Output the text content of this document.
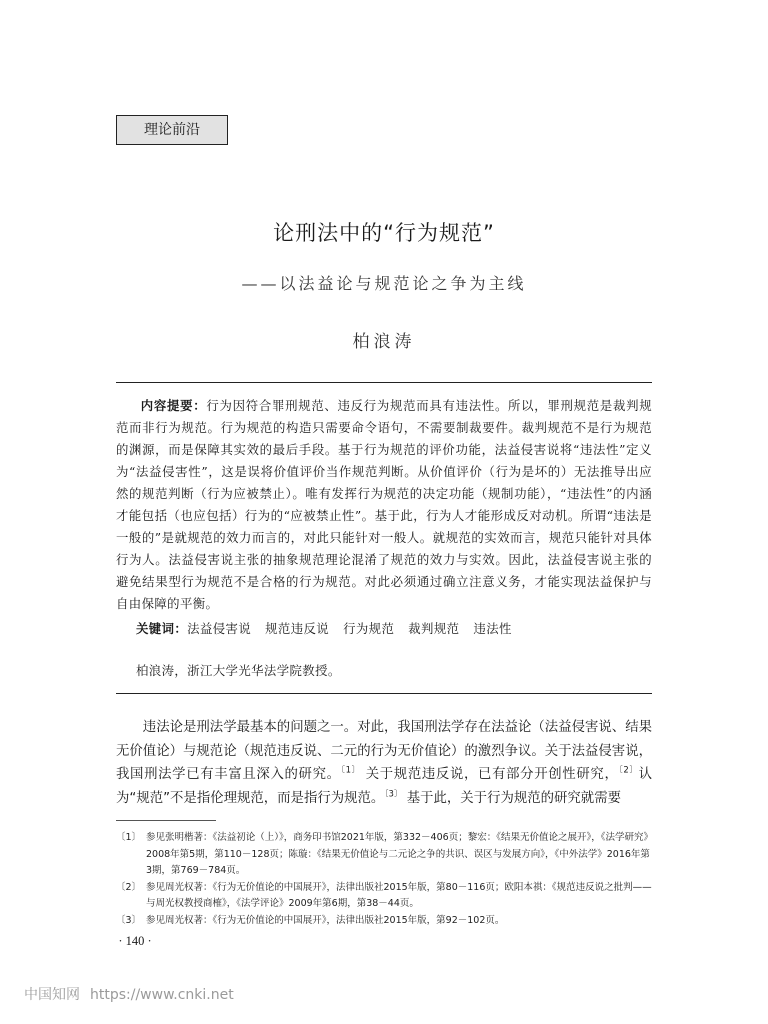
理论前沿
论刑法中的“行为规范”
——以法益论与规范论之争为主线
柏浪涛
内容提要：行为因符合罪刑规范、违反行为规范而具有违法性。所以，罪刑规范是裁判规范而非行为规范。行为规范的构造只需要命令语句，不需要制裁要件。裁判规范不是行为规范的渊源，而是保障其实效的最后手段。基于行为规范的评价功能，法益侵害说将“违法性”定义为“法益侵害性”，这是误将价值评价当作规范判断。从价值评价（行为是坏的）无法推导出应然的规范判断（行为应被禁止）。唯有发挥行为规范的决定功能（规制功能），“违法性”的内涵才能包括（也应包括）行为的“应被禁止性”。基于此，行为人才能形成反对动机。所谓“违法是一般的”是就规范的效力而言的，对此只能针对一般人。就规范的实效而言，规范只能针对具体行为人。法益侵害说主张的抽象规范理论混淆了规范的效力与实效。因此，法益侵害说主张的避免结果型行为规范不是合格的行为规范。对此必须通过确立注意义务，才能实现法益保护与自由保障的平衡。
关键词：法益侵害说 规范违反说 行为规范 裁判规范 违法性
柏浪涛，浙江大学光华法学院教授。

违法论是刑法学最基本的问题之一。对此，我国刑法学存在法益论（法益侵害说、结果无价值论）与规范论（规范违反说、二元的行为无价值论）的激烈争议。关于法益侵害说，我国刑法学已有丰富且深入的研究。$^{〔1〕}$ 关于规范违反说，已有部分开创性研究，$^{〔2〕}$认为“规范”不是指伦理规范，而是指行为规范。$^{〔3〕}$ 基于此，关于行为规范的研究就需要

〔1〕 参见张明楷著：《法益初论（上）》，商务印书馆2021年版，第332－406页；黎宏：《结果无价值论之展开》，《法学研究》2008年第5期，第110－128页；陈璇：《结果无价值论与二元论之争的共识、误区与发展方向》，《中外法学》2016年第3期，第769－784页。
〔2〕 参见周光权著：《行为无价值论的中国展开》，法律出版社2015年版，第80－116页；欧阳本祺：《规范违反说之批判——与周光权教授商榷》，《法学评论》2009年第6期，第38－44页。
〔3〕 参见周光权著：《行为无价值论的中国展开》，法律出版社2015年版，第92－102页。
· 140 ·
中国知网 https://www.cnki.net
